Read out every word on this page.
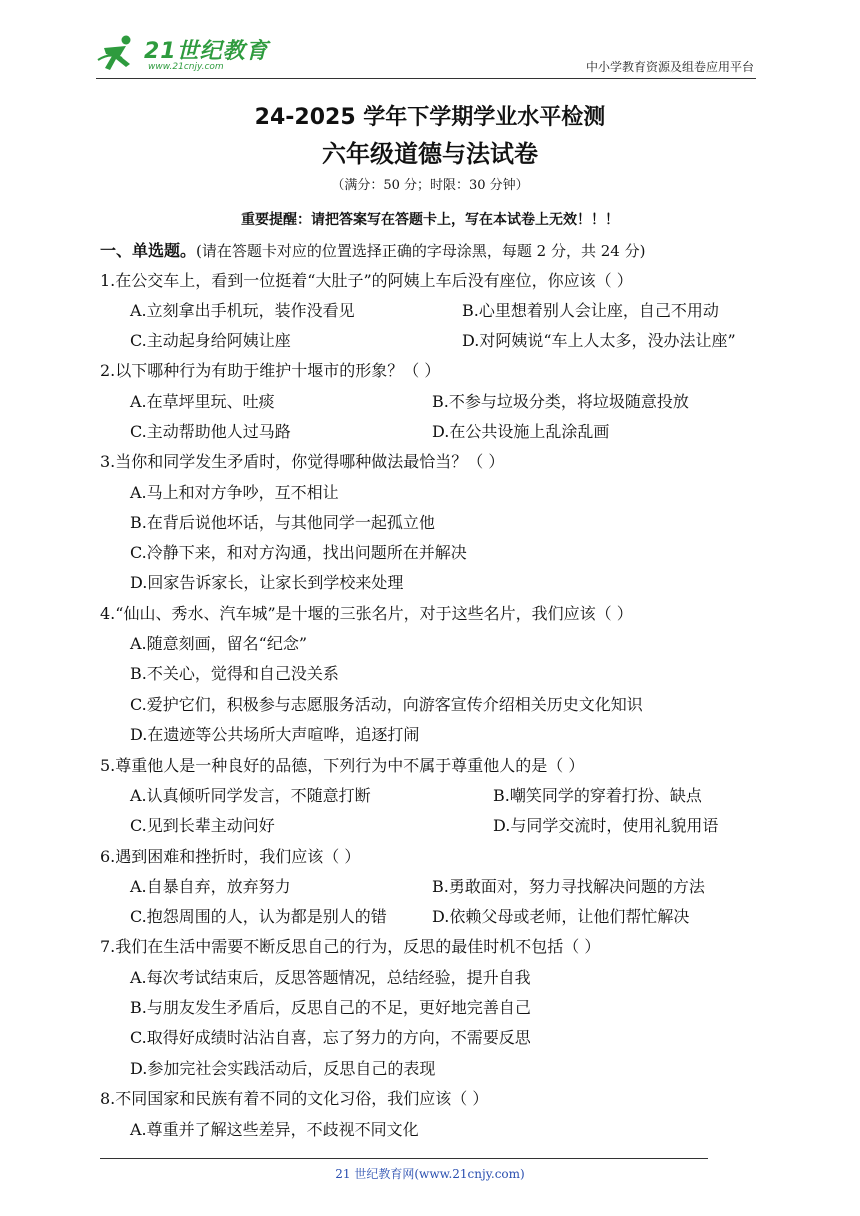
21世纪教育
www.21cnjy.com	中小学教育资源及组卷应用平台
24-2025 学年下学期学业水平检测
六年级道德与法试卷
（满分：50 分；时限：30 分钟）
重要提醒：请把答案写在答题卡上，写在本试卷上无效！！！
一、单选题。(请在答题卡对应的位置选择正确的字母涂黑，每题 2 分，共 24 分)
1.在公交车上，看到一位挺着“大肚子”的阿姨上车后没有座位，你应该（ ）
A.立刻拿出手机玩，装作没看见	B.心里想着别人会让座，自己不用动
C.主动起身给阿姨让座	D.对阿姨说“车上人太多，没办法让座”
2.以下哪种行为有助于维护十堰市的形象？（ ）
A.在草坪里玩、吐痰	B.不参与垃圾分类，将垃圾随意投放
C.主动帮助他人过马路	D.在公共设施上乱涂乱画
3.当你和同学发生矛盾时，你觉得哪种做法最恰当？（ ）
A.马上和对方争吵，互不相让
B.在背后说他坏话，与其他同学一起孤立他
C.冷静下来，和对方沟通，找出问题所在并解决
D.回家告诉家长，让家长到学校来处理
4.“仙山、秀水、汽车城”是十堰的三张名片，对于这些名片，我们应该（ ）
A.随意刻画，留名“纪念”
B.不关心，觉得和自己没关系
C.爱护它们，积极参与志愿服务活动，向游客宣传介绍相关历史文化知识
D.在遗迹等公共场所大声喧哗，追逐打闹
5.尊重他人是一种良好的品德，下列行为中不属于尊重他人的是（ ）
A.认真倾听同学发言，不随意打断	B.嘲笑同学的穿着打扮、缺点
C.见到长辈主动问好	D.与同学交流时，使用礼貌用语
6.遇到困难和挫折时，我们应该（ ）
A.自暴自弃，放弃努力	B.勇敢面对，努力寻找解决问题的方法
C.抱怨周围的人，认为都是别人的错	D.依赖父母或老师，让他们帮忙解决
7.我们在生活中需要不断反思自己的行为，反思的最佳时机不包括（ ）
A.每次考试结束后，反思答题情况，总结经验，提升自我
B.与朋友发生矛盾后，反思自己的不足，更好地完善自己
C.取得好成绩时沾沾自喜，忘了努力的方向，不需要反思
D.参加完社会实践活动后，反思自己的表现
8.不同国家和民族有着不同的文化习俗，我们应该（ ）
A.尊重并了解这些差异，不歧视不同文化
21 世纪教育网(www.21cnjy.com)
